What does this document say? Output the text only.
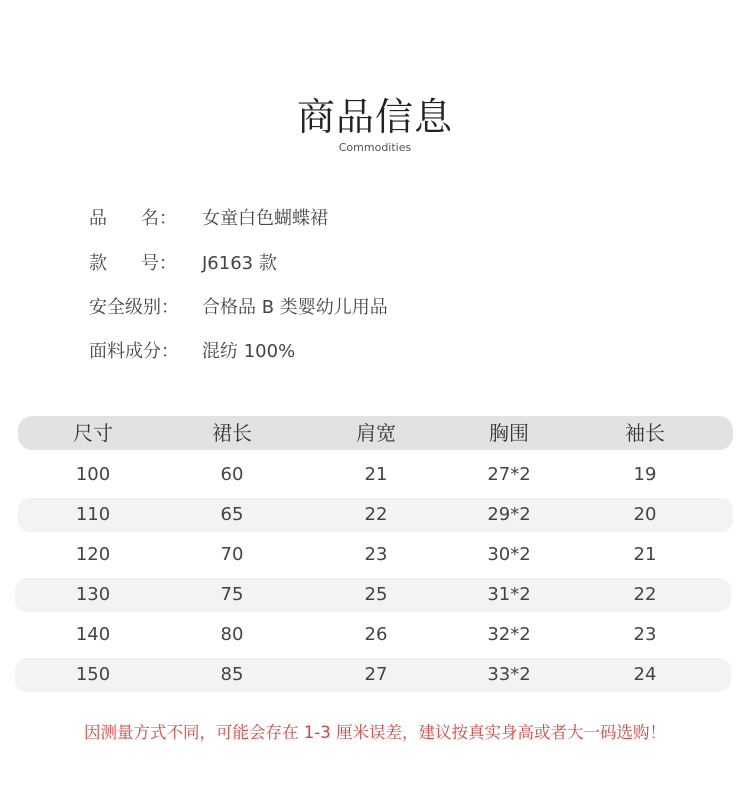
商品信息
Commodities
品 名： 女童白色蝴蝶裙
款 号： J6163 款
安全级别：	合格品 B 类婴幼儿用品
面料成分：	混纺 100%
尺寸	裙长	肩宽	胸围	袖长
100	60	21	27*2	19
110	65	22	29*2	20
120	70	23	30*2	21
130	75	25	31*2	22
140	80	26	32*2	23
150	85	27	33*2	24
因测量方式不同，可能会存在 1-3 厘米误差，建议按真实身高或者大一码选购！
